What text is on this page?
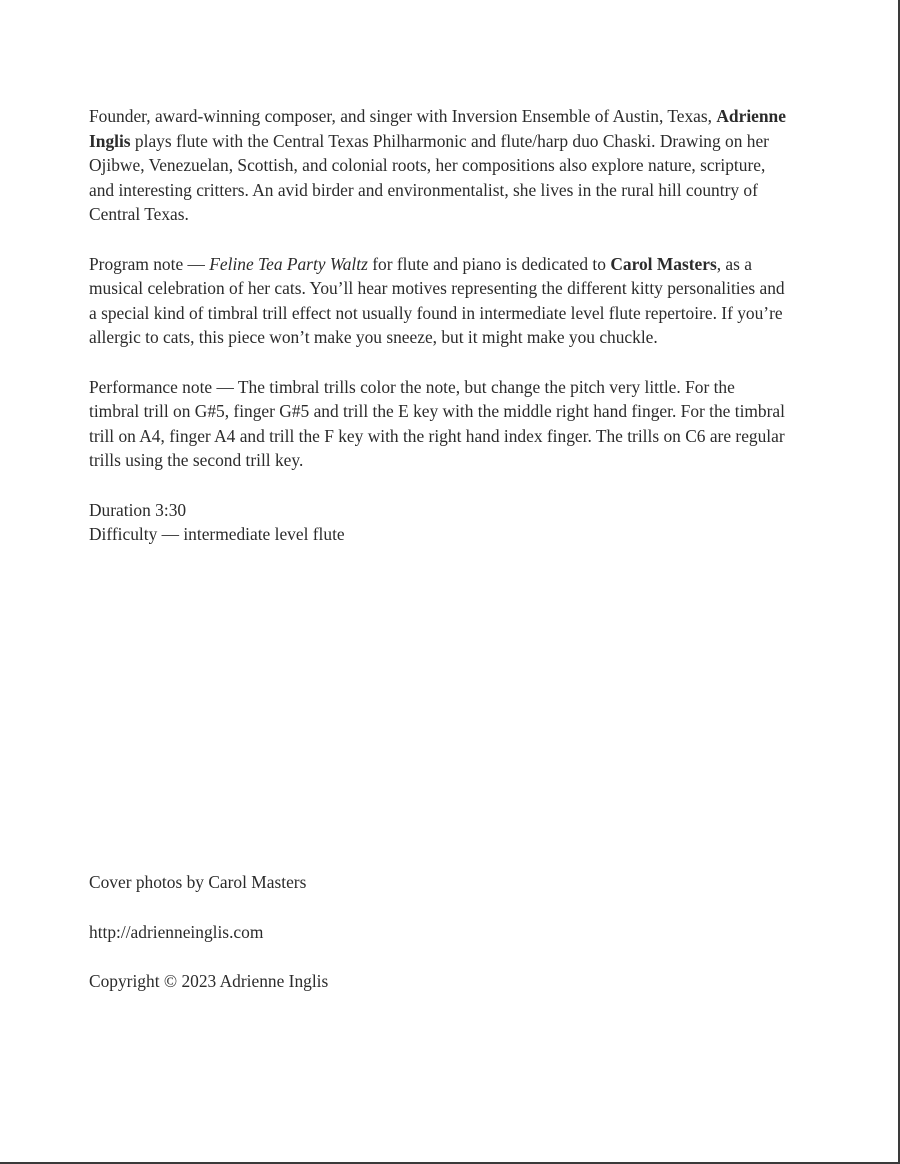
Founder, award-winning composer, and singer with Inversion Ensemble of Austin, Texas, Adrienne Inglis plays flute with the Central Texas Philharmonic and flute/harp duo Chaski. Drawing on her Ojibwe, Venezuelan, Scottish, and colonial roots, her compositions also explore nature, scripture, and interesting critters. An avid birder and environmentalist, she lives in the rural hill country of Central Texas.

Program note — Feline Tea Party Waltz for flute and piano is dedicated to Carol Masters, as a musical celebration of her cats. You’ll hear motives representing the different kitty personalities and a special kind of timbral trill effect not usually found in intermediate level flute repertoire. If you’re allergic to cats, this piece won’t make you sneeze, but it might make you chuckle.

Performance note — The timbral trills color the note, but change the pitch very little. For the timbral trill on G#5, finger G#5 and trill the E key with the middle right hand finger. For the timbral trill on A4, finger A4 and trill the F key with the right hand index finger. The trills on C6 are regular trills using the second trill key.

Duration 3:30
Difficulty — intermediate level flute

Cover photos by Carol Masters
http://adrienneinglis.com
Copyright © 2023 Adrienne Inglis
